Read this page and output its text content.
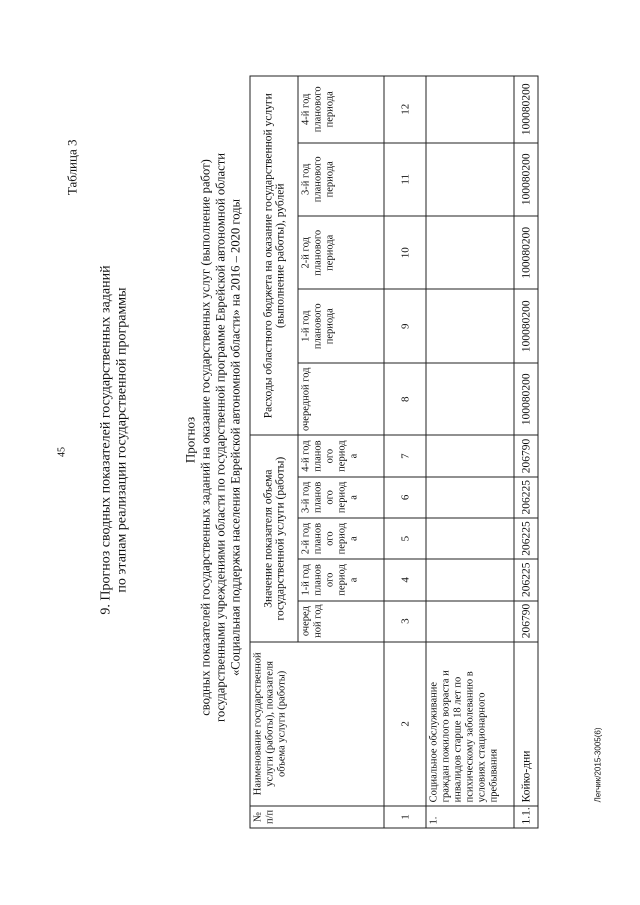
45
Легчик/2015-3005(6)
Таблица 3
9. Прогноз сводных показателей государственных заданий по этапам реализации государственной программы	Прогноз сводных показателей государственных заданий на оказание государственных услуг (выполнение работ) государственными учреждениями области по государственной программе Еврейской автономной области «Социальная поддержка населения Еврейской автономной области» на 2016 – 2020 годы
№ п/п	Наименование государственной услуги (работы), показателя объема услуги (работы)	Значение показателя объема государственной услуги (работы)					Расходы областного бюджета на оказание государственной услуги (выполнение работы), рублей				
		очеред ной год	1-й год планов ого период а	2-й год планов ого период а	3-й год планов ого период а	4-й год планов ого период а	очередной год	1-й год планового периода	2-й год планового периода	3-й год планового периода	4-й год планового периода
1	2	3	4	5	6	7	8	9	10	11	12
1.	Социальное обслуживание граждан пожилого возраста и инвалидов старше 18 лет по психическому заболеванию в условиях стационарного пребывания										
1.1.	Койко-дни	206790	206225	206225	206225	206790	100080200	100080200	100080200	100080200	100080200
